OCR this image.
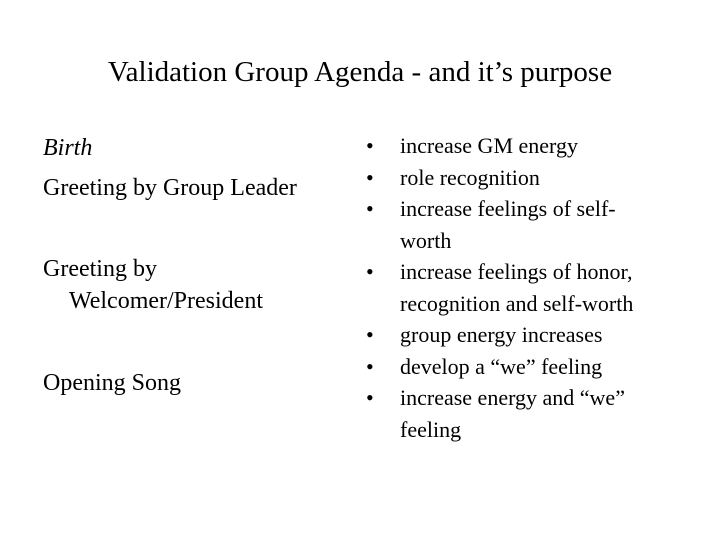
Validation Group Agenda - and it’s purpose
Birth
Greeting by Group Leader
Greeting by
Welcomer/President
Opening Song
•	increase GM energy
•	role recognition
•	increase feelings of self-
worth
•	increase feelings of honor,
recognition and self-worth
•	group energy increases
•	develop a “we” feeling
•	increase energy and “we”
feeling
